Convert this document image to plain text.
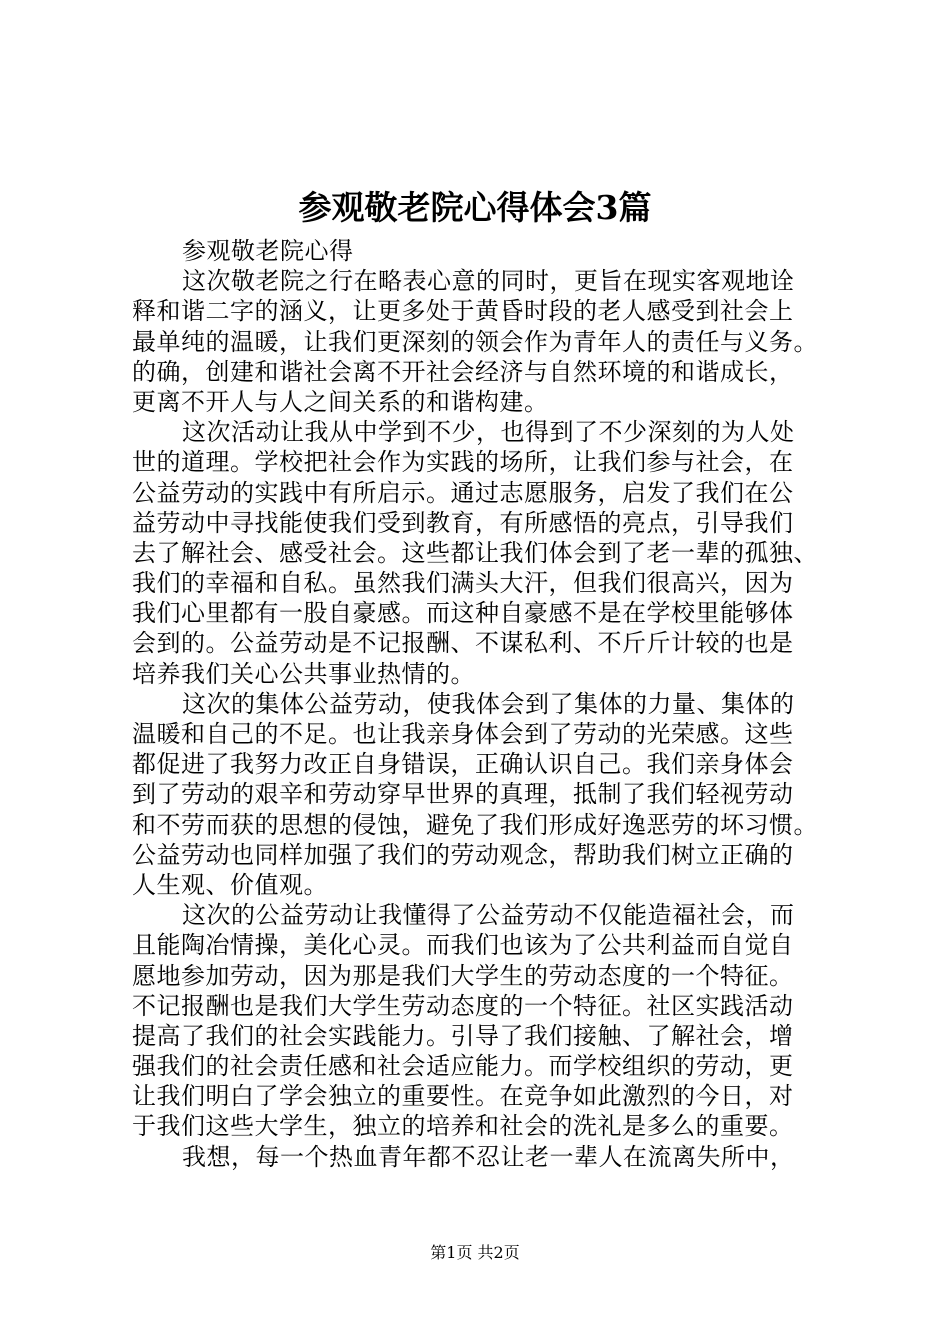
参观敬老院心得体会3篇
参观敬老院心得
这次敬老院之行在略表心意的同时，更旨在现实客观地诠
释和谐二字的涵义，让更多处于黄昏时段的老人感受到社会上
最单纯的温暖，让我们更深刻的领会作为青年人的责任与义务。
的确，创建和谐社会离不开社会经济与自然环境的和谐成长，
更离不开人与人之间关系的和谐构建。
这次活动让我从中学到不少，也得到了不少深刻的为人处
世的道理。学校把社会作为实践的场所，让我们参与社会，在
公益劳动的实践中有所启示。通过志愿服务，启发了我们在公
益劳动中寻找能使我们受到教育，有所感悟的亮点，引导我们
去了解社会、感受社会。这些都让我们体会到了老一辈的孤独、
我们的幸福和自私。虽然我们满头大汗，但我们很高兴，因为
我们心里都有一股自豪感。而这种自豪感不是在学校里能够体
会到的。公益劳动是不记报酬、不谋私利、不斤斤计较的也是
培养我们关心公共事业热情的。
这次的集体公益劳动，使我体会到了集体的力量、集体的
温暖和自己的不足。也让我亲身体会到了劳动的光荣感。这些
都促进了我努力改正自身错误，正确认识自己。我们亲身体会
到了劳动的艰辛和劳动穿早世界的真理，抵制了我们轻视劳动
和不劳而获的思想的侵蚀，避免了我们形成好逸恶劳的坏习惯。
公益劳动也同样加强了我们的劳动观念，帮助我们树立正确的
人生观、价值观。
这次的公益劳动让我懂得了公益劳动不仅能造福社会，而
且能陶冶情操，美化心灵。而我们也该为了公共利益而自觉自
愿地参加劳动，因为那是我们大学生的劳动态度的一个特征。
不记报酬也是我们大学生劳动态度的一个特征。社区实践活动
提高了我们的社会实践能力。引导了我们接触、了解社会，增
强我们的社会责任感和社会适应能力。而学校组织的劳动，更
让我们明白了学会独立的重要性。在竞争如此激烈的今日，对
于我们这些大学生，独立的培养和社会的洗礼是多么的重要。
我想，每一个热血青年都不忍让老一辈人在流离失所中，
第1页 共2页
